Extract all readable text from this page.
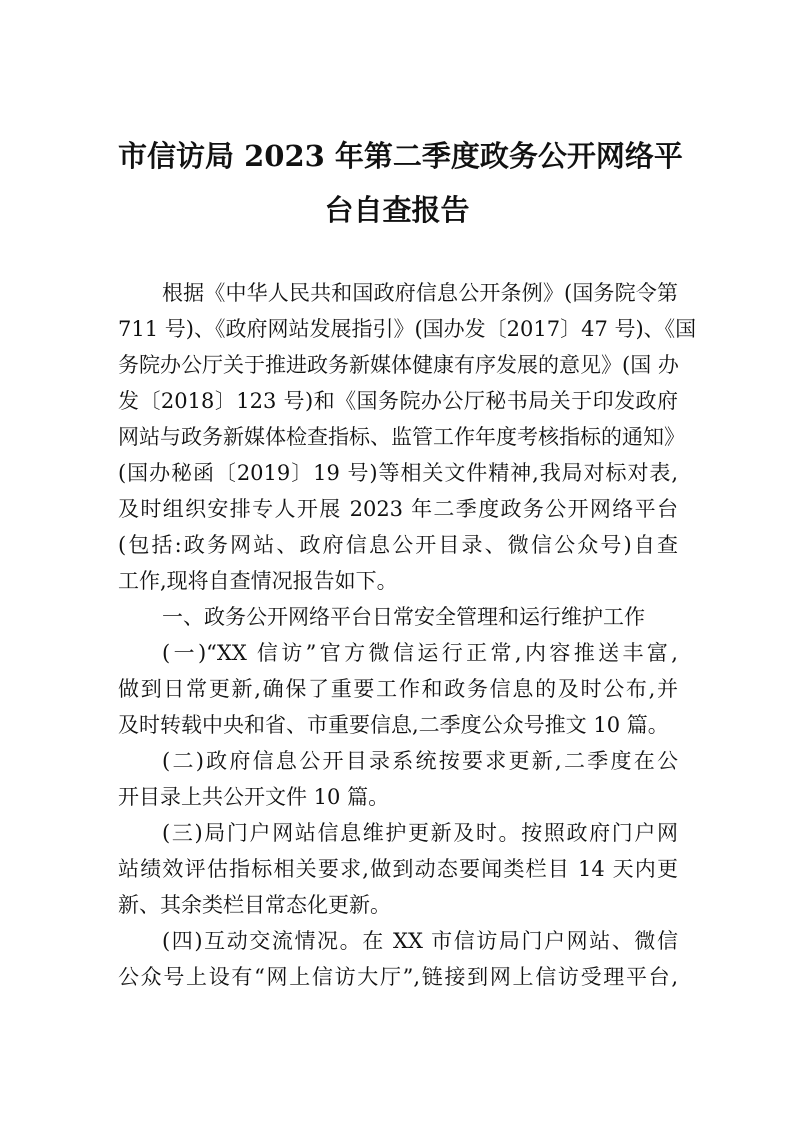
市信访局 2023 年第二季度政务公开网络平
台自查报告

根据《中华人民共和国政府信息公开条例》(国务院令第

711 号)、《政府网站发展指引》(国办发〔2017〕47 号)、《国

务院办公厅关于推进政务新媒体健康有序发展的意见》(国 办

发〔2018〕123 号)和《国务院办公厅秘书局关于印发政府

网站与政务新媒体检查指标、监管工作年度考核指标的通知》

(国办秘函〔2019〕19 号)等相关文件精神,我局对标对表,

及时组织安排专人开展 2023 年二季度政务公开网络平台

(包括:政务网站、政府信息公开目录、微信公众号)自查

工作,现将自查情况报告如下。

一、政务公开网络平台日常安全管理和运行维护工作

(一)“XX 信访”官方微信运行正常,内容推送丰富,

做到日常更新,确保了重要工作和政务信息的及时公布,并

及时转载中央和省、市重要信息,二季度公众号推文 10 篇。

(二)政府信息公开目录系统按要求更新,二季度在公

开目录上共公开文件 10 篇。

(三)局门户网站信息维护更新及时。按照政府门户网

站绩效评估指标相关要求,做到动态要闻类栏目 14 天内更

新、其余类栏目常态化更新。

(四)互动交流情况。在 XX 市信访局门户网站、微信

公众号上设有“网上信访大厅”,链接到网上信访受理平台,
